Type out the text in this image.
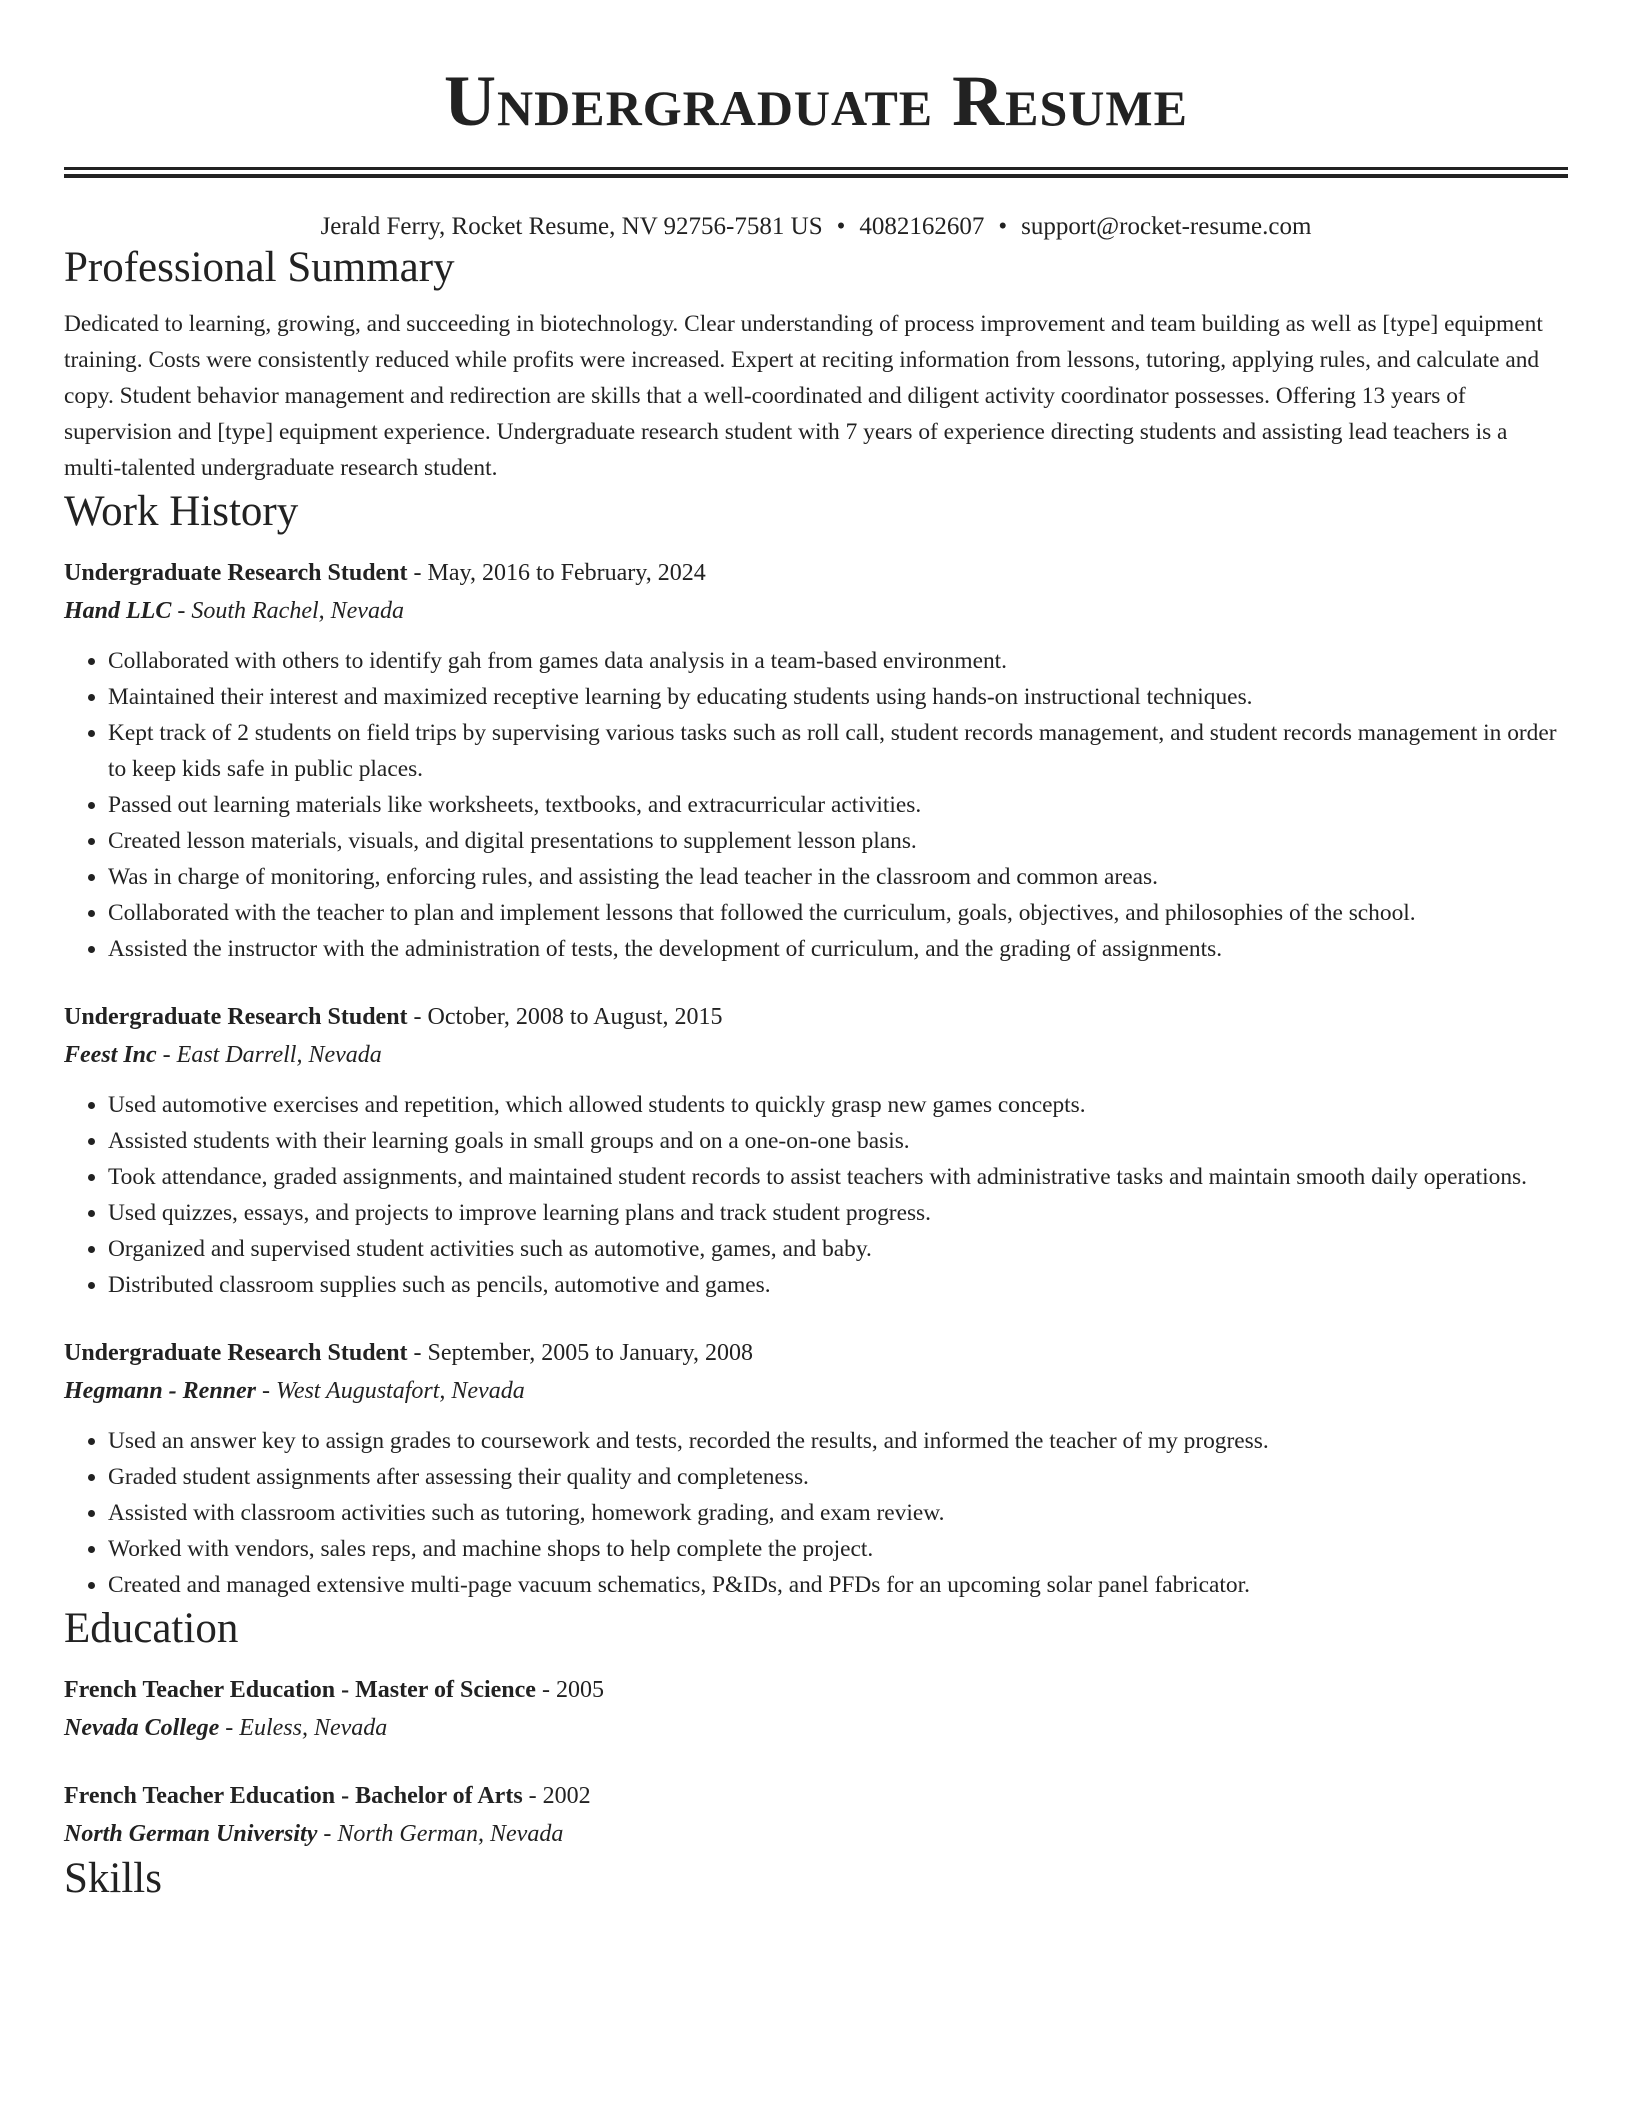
Undergraduate Resume
Jerald Ferry, Rocket Resume, NV 92756-7581 US • 4082162607 • support@rocket-resume.com
Professional Summary
Dedicated to learning, growing, and succeeding in biotechnology. Clear understanding of process improvement and team building as well as [type] equipment training. Costs were consistently reduced while profits were increased. Expert at reciting information from lessons, tutoring, applying rules, and calculate and copy. Student behavior management and redirection are skills that a well-coordinated and diligent activity coordinator possesses. Offering 13 years of supervision and [type] equipment experience. Undergraduate research student with 7 years of experience directing students and assisting lead teachers is a multi-talented undergraduate research student.
Work History
Undergraduate Research Student - May, 2016 to February, 2024
Hand LLC - South Rachel, Nevada
• Collaborated with others to identify gah from games data analysis in a team-based environment.
• Maintained their interest and maximized receptive learning by educating students using hands-on instructional techniques.
• Kept track of 2 students on field trips by supervising various tasks such as roll call, student records management, and student records management in order to keep kids safe in public places.
• Passed out learning materials like worksheets, textbooks, and extracurricular activities.
• Created lesson materials, visuals, and digital presentations to supplement lesson plans.
• Was in charge of monitoring, enforcing rules, and assisting the lead teacher in the classroom and common areas.
• Collaborated with the teacher to plan and implement lessons that followed the curriculum, goals, objectives, and philosophies of the school.
• Assisted the instructor with the administration of tests, the development of curriculum, and the grading of assignments.
Undergraduate Research Student - October, 2008 to August, 2015
Feest Inc - East Darrell, Nevada
• Used automotive exercises and repetition, which allowed students to quickly grasp new games concepts.
• Assisted students with their learning goals in small groups and on a one-on-one basis.
• Took attendance, graded assignments, and maintained student records to assist teachers with administrative tasks and maintain smooth daily operations.
• Used quizzes, essays, and projects to improve learning plans and track student progress.
• Organized and supervised student activities such as automotive, games, and baby.
• Distributed classroom supplies such as pencils, automotive and games.
Undergraduate Research Student - September, 2005 to January, 2008
Hegmann - Renner - West Augustafort, Nevada
• Used an answer key to assign grades to coursework and tests, recorded the results, and informed the teacher of my progress.
• Graded student assignments after assessing their quality and completeness.
• Assisted with classroom activities such as tutoring, homework grading, and exam review.
• Worked with vendors, sales reps, and machine shops to help complete the project.
• Created and managed extensive multi-page vacuum schematics, P&IDs, and PFDs for an upcoming solar panel fabricator.
Education
French Teacher Education - Master of Science - 2005
Nevada College - Euless, Nevada
French Teacher Education - Bachelor of Arts - 2002
North German University - North German, Nevada
Skills
